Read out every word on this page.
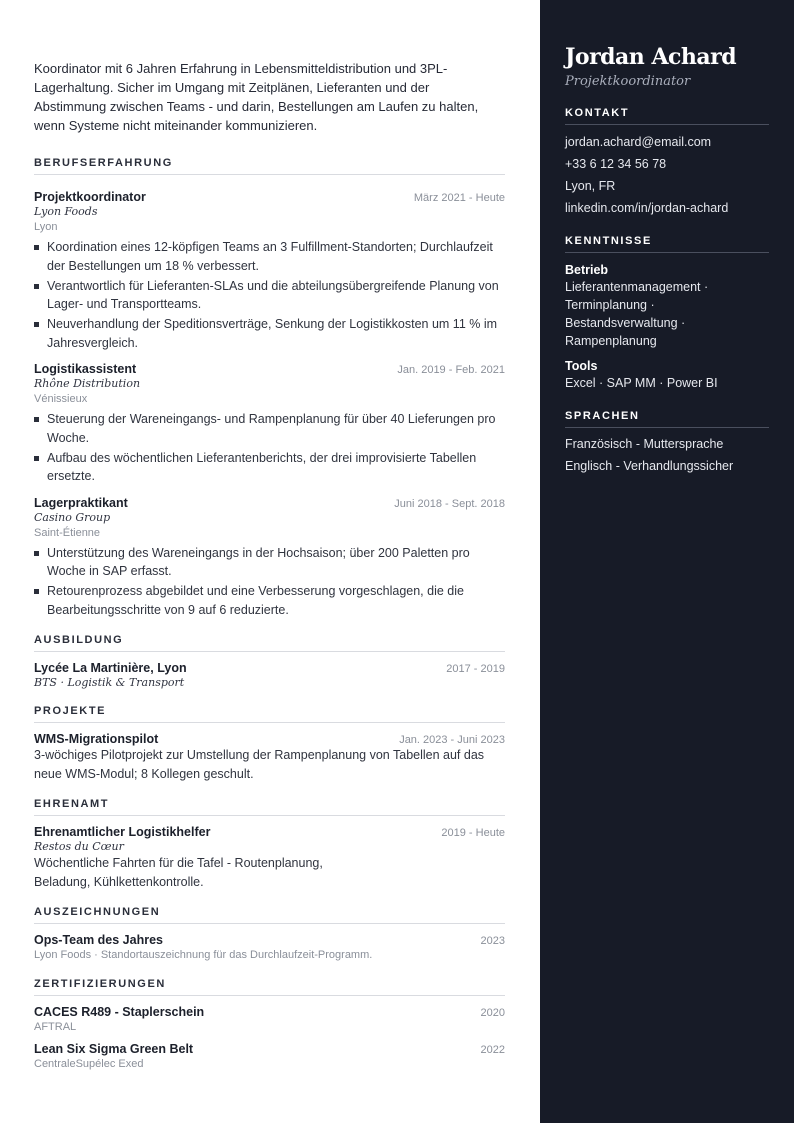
Koordinator mit 6 Jahren Erfahrung in Lebensmitteldistribution und 3PL-Lagerhaltung. Sicher im Umgang mit Zeitplänen, Lieferanten und der Abstimmung zwischen Teams - und darin, Bestellungen am Laufen zu halten, wenn Systeme nicht miteinander kommunizieren.

BERUFSERFAHRUNG
Projektkoordinator	März 2021 - Heute
Lyon Foods
Lyon
Koordination eines 12-köpfigen Teams an 3 Fulfillment-Standorten; Durchlaufzeit der Bestellungen um 18 % verbessert.
Verantwortlich für Lieferanten-SLAs und die abteilungsübergreifende Planung von Lager- und Transportteams.
Neuverhandlung der Speditionsverträge, Senkung der Logistikkosten um 11 % im Jahresvergleich.
Logistikassistent	Jan. 2019 - Feb. 2021
Rhône Distribution
Vénissieux
Steuerung der Wareneingangs- und Rampenplanung für über 40 Lieferungen pro Woche.
Aufbau des wöchentlichen Lieferantenberichts, der drei improvisierte Tabellen ersetzte.
Lagerpraktikant	Juni 2018 - Sept. 2018
Casino Group
Saint-Étienne
Unterstützung des Wareneingangs in der Hochsaison; über 200 Paletten pro Woche in SAP erfasst.
Retourenprozess abgebildet und eine Verbesserung vorgeschlagen, die die Bearbeitungsschritte von 9 auf 6 reduzierte.
AUSBILDUNG
Lycée La Martinière, Lyon	2017 - 2019
BTS · Logistik & Transport
PROJEKTE
WMS-Migrationspilot	Jan. 2023 - Juni 2023
3-wöchiges Pilotprojekt zur Umstellung der Rampenplanung von Tabellen auf das neue WMS-Modul; 8 Kollegen geschult.
EHRENAMT
Ehrenamtlicher Logistikhelfer	2019 - Heute
Restos du Cœur
Wöchentliche Fahrten für die Tafel - Routenplanung, Beladung, Kühlkettenkontrolle.
AUSZEICHNUNGEN
Ops-Team des Jahres	2023
Lyon Foods · Standortauszeichnung für das Durchlaufzeit-Programm.
ZERTIFIZIERUNGEN
CACES R489 - Staplerschein	2020
AFTRAL
Lean Six Sigma Green Belt	2022
CentraleSupélec Exed
Jordan Achard
Projektkoordinator
KONTAKT
jordan.achard@email.com
+33 6 12 34 56 78
Lyon, FR
linkedin.com/in/jordan-achard
KENNTNISSE
Betrieb
Lieferantenmanagement · Terminplanung · Bestandsverwaltung · Rampenplanung
Tools
Excel · SAP MM · Power BI
SPRACHEN
Französisch - Muttersprache
Englisch - Verhandlungssicher
